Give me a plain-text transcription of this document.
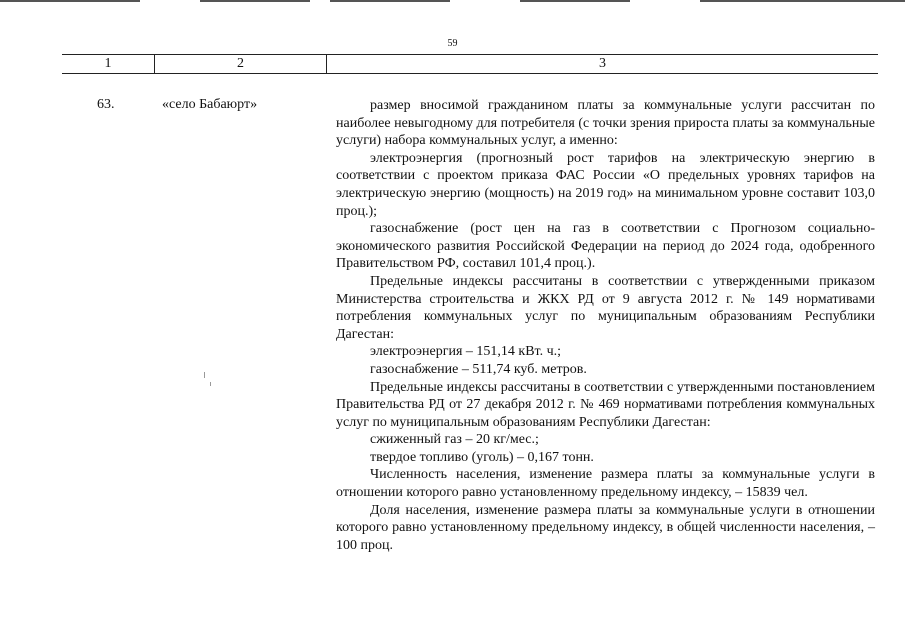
59
1	2	3
63.	«село Бабаюрт»	размер вносимой гражданином платы за коммунальные услуги рассчитан по наиболее невыгодному для потребителя (с точки зрения прироста платы за коммунальные услуги) набора коммунальных услуг, а именно:

электроэнергия (прогнозный рост тарифов на электрическую энергию в соответствии с проектом приказа ФАС России «О предельных уровнях тарифов на электрическую энергию (мощность) на 2019 год» на минимальном уровне составит 103,0 проц.);

газоснабжение (рост цен на газ в соответствии с Прогнозом социально-экономического развития Российской Федерации на период до 2024 года, одобренного Правительством РФ, составил 101,4 проц.).

Предельные индексы рассчитаны в соответствии с утвержденными приказом Министерства строительства и ЖКХ РД от 9 августа 2012 г. № 149 нормативами потребления коммунальных услуг по муниципальным образованиям Республики Дагестан:

электроэнергия – 151,14 кВт. ч.;

газоснабжение – 511,74 куб. метров.

Предельные индексы рассчитаны в соответствии с утвержденными постановлением Правительства РД от 27 декабря 2012 г. № 469 нормативами потребления коммунальных услуг по муниципальным образованиям Республики Дагестан:

сжиженный газ – 20 кг/мес.;

твердое топливо (уголь) – 0,167 тонн.

Численность населения, изменение размера платы за коммунальные услуги в отношении которого равно установленному предельному индексу, – 15839 чел.

Доля населения, изменение размера платы за коммунальные услуги в отношении которого равно установленному предельному индексу, в общей численности населения, – 100 проц.
